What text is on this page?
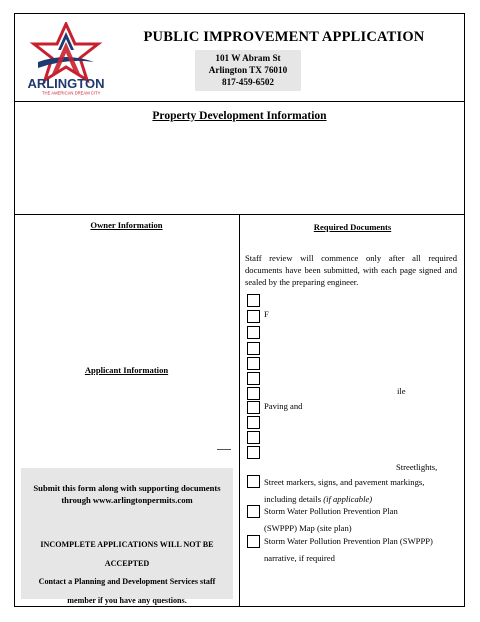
ARLINGTON
THE AMERICAN DREAM CITY
PUBLIC IMPROVEMENT APPLICATION
101 W Abram St
Arlington TX 76010
817-459-6502
Property Development Information
Owner Information
Applicant Information
Submit this form along with supporting documents through www.arlingtonpermits.com
INCOMPLETE APPLICATIONS WILL NOT BE
ACCEPTED
Contact a Planning and Development Services staff
member if you have any questions.
Required Documents
Staff review will commence only after all required documents have been submitted, with each page signed and sealed by the preparing engineer.
F
ile
Paving and
Streetlights,
Street markers, signs, and pavement markings,
including details (if applicable)
Storm Water Pollution Prevention Plan
(SWPPP) Map (site plan)
Storm Water Pollution Prevention Plan (SWPPP)
narrative, if required
